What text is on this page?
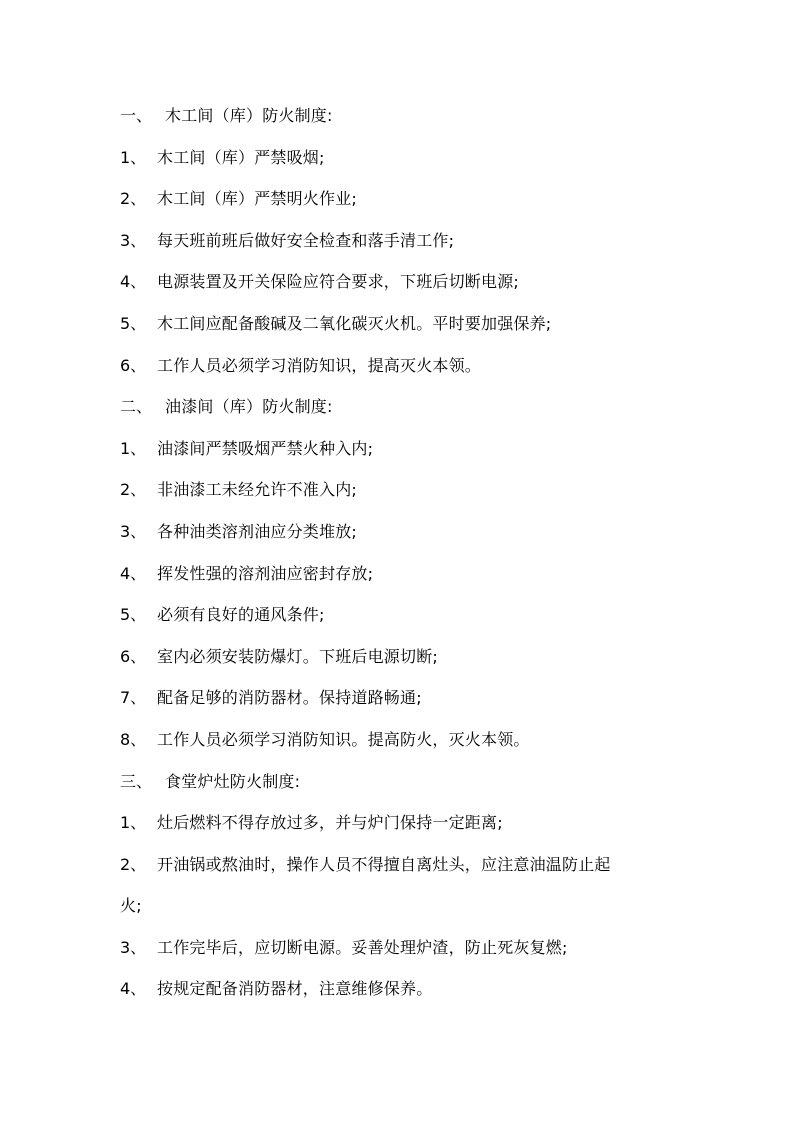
一、 木工间（库）防火制度:
1、 木工间（库）严禁吸烟;
2、 木工间（库）严禁明火作业;
3、 每天班前班后做好安全检查和落手清工作;
4、 电源装置及开关保险应符合要求，下班后切断电源;
5、 木工间应配备酸碱及二氧化碳灭火机。平时要加强保养;
6、 工作人员必须学习消防知识，提高灭火本领。
二、 油漆间（库）防火制度:
1、 油漆间严禁吸烟严禁火种入内;
2、 非油漆工未经允许不准入内;
3、 各种油类溶剂油应分类堆放;
4、 挥发性强的溶剂油应密封存放;
5、 必须有良好的通风条件;
6、 室内必须安装防爆灯。下班后电源切断;
7、 配备足够的消防器材。保持道路畅通;
8、 工作人员必须学习消防知识。提高防火，灭火本领。
三、 食堂炉灶防火制度:
1、 灶后燃料不得存放过多，并与炉门保持一定距离;
2、 开油锅或熬油时，操作人员不得擅自离灶头，应注意油温防止起
火;
3、 工作完毕后，应切断电源。妥善处理炉渣，防止死灰复燃;
4、 按规定配备消防器材，注意维修保养。
